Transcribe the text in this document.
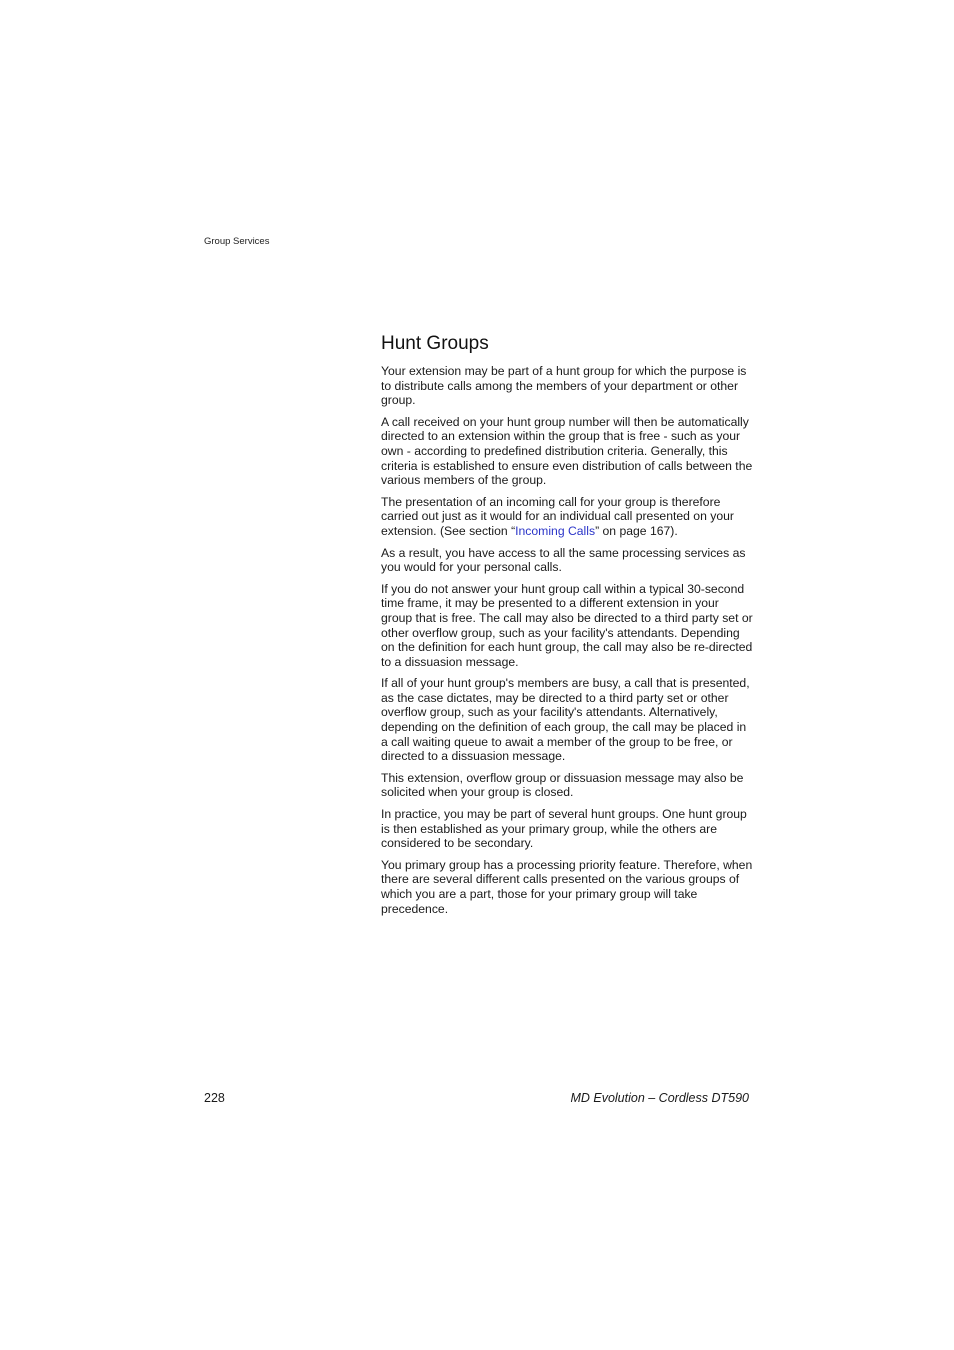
Group Services
Hunt Groups

Your extension may be part of a hunt group for which the purpose is to distribute calls among the members of your department or other group.

A call received on your hunt group number will then be automatically directed to an extension within the group that is free - such as your own - according to predefined distribution criteria. Generally, this criteria is established to ensure even distribution of calls between the various members of the group.

The presentation of an incoming call for your group is therefore carried out just as it would for an individual call presented on your extension. (See section “Incoming Calls” on page 167).

As a result, you have access to all the same processing services as you would for your personal calls.

If you do not answer your hunt group call within a typical 30-second time frame, it may be presented to a different extension in your group that is free. The call may also be directed to a third party set or other overflow group, such as your facility's attendants. Depending on the definition for each hunt group, the call may also be re-directed to a dissuasion message.

If all of your hunt group's members are busy, a call that is presented, as the case dictates, may be directed to a third party set or other overflow group, such as your facility's attendants. Alternatively, depending on the definition of each group, the call may be placed in a call waiting queue to await a member of the group to be free, or directed to a dissuasion message.

This extension, overflow group or dissuasion message may also be solicited when your group is closed.

In practice, you may be part of several hunt groups. One hunt group is then established as your primary group, while the others are considered to be secondary.

You primary group has a processing priority feature. Therefore, when there are several different calls presented on the various groups of which you are a part, those for your primary group will take precedence.

228	MD Evolution – Cordless DT590
